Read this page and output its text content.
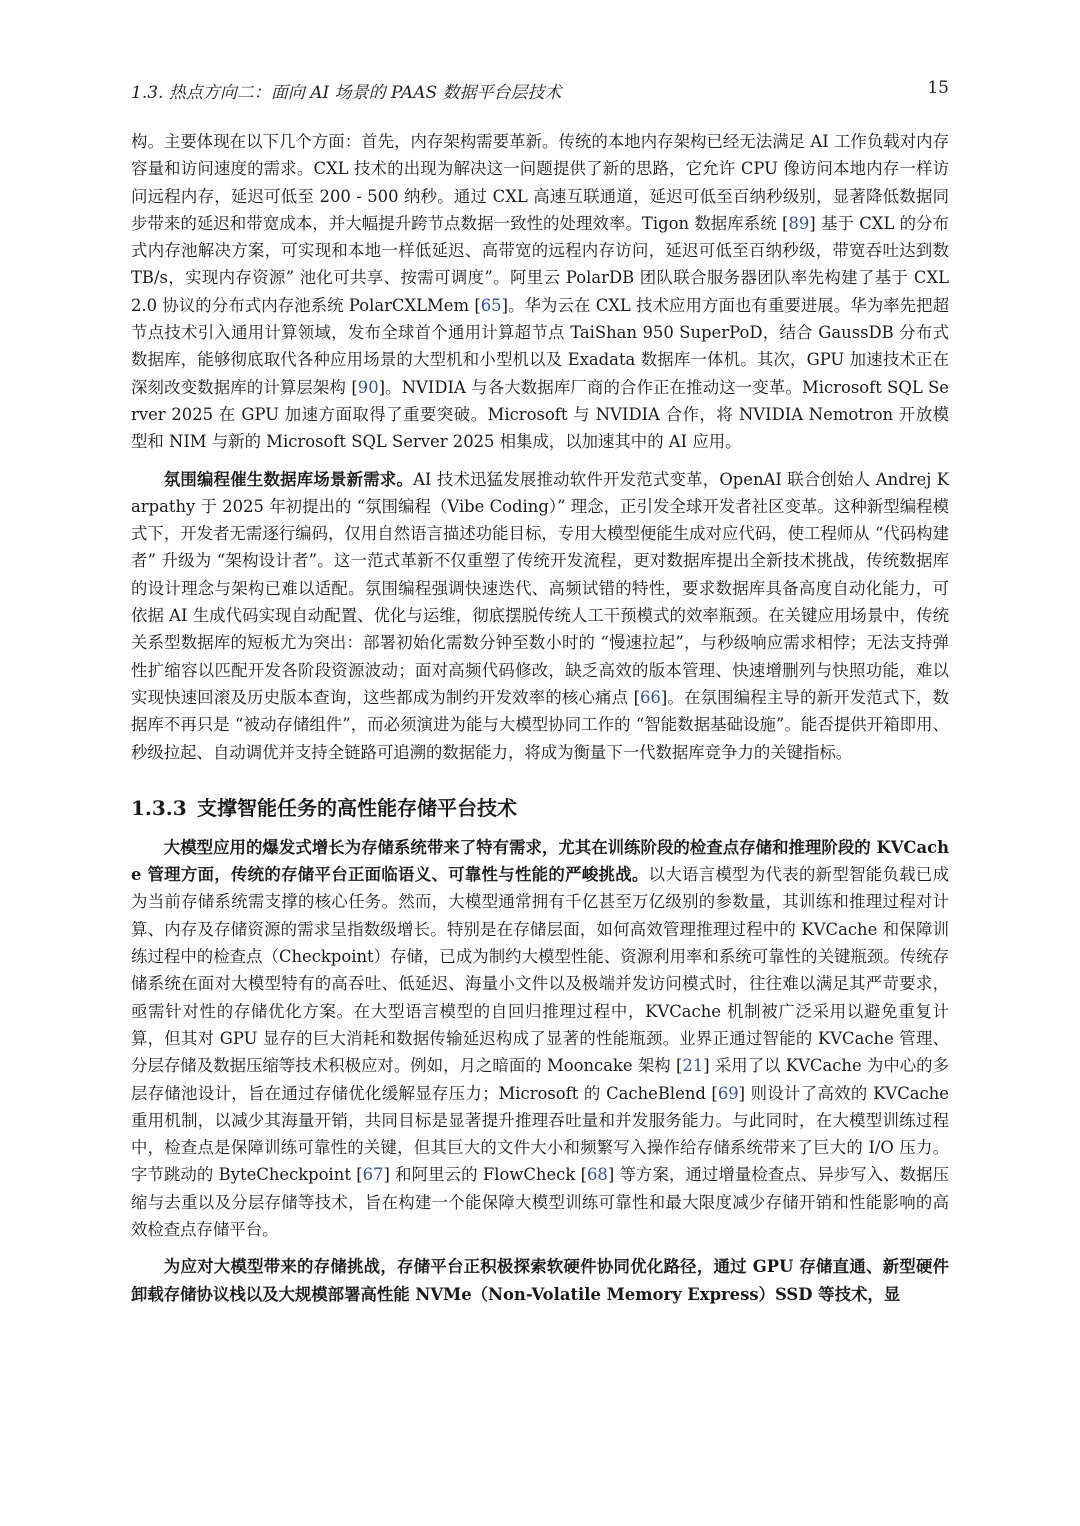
1.3. 热点方向二：面向 AI 场景的 PAAS 数据平台层技术	15

构。主要体现在以下几个方面：首先，内存架构需要革新。传统的本地内存架构已经无法满足 AI 工作负载对内存容量和访问速度的需求。CXL 技术的出现为解决这一问题提供了新的思路，它允许 CPU 像访问本地内存一样访问远程内存，延迟可低至 200 - 500 纳秒。通过 CXL 高速互联通道，延迟可低至百纳秒级别，显著降低数据同步带来的延迟和带宽成本，并大幅提升跨节点数据一致性的处理效率。Tigon 数据库系统 [89] 基于 CXL 的分布式内存池解决方案，可实现和本地一样低延迟、高带宽的远程内存访问，延迟可低至百纳秒级，带宽吞吐达到数 TB/s，实现内存资源” 池化可共享、按需可调度”。阿里云 PolarDB 团队联合服务器团队率先构建了基于 CXL 2.0 协议的分布式内存池系统 PolarCXLMem [65]。华为云在 CXL 技术应用方面也有重要进展。华为率先把超节点技术引入通用计算领域，发布全球首个通用计算超节点 TaiShan 950 SuperPoD，结合 GaussDB 分布式数据库，能够彻底取代各种应用场景的大型机和小型机以及 Exadata 数据库一体机。其次，GPU 加速技术正在深刻改变数据库的计算层架构 [90]。NVIDIA 与各大数据库厂商的合作正在推动这一变革。Microsoft SQL Server 2025 在 GPU 加速方面取得了重要突破。Microsoft 与 NVIDIA 合作，将 NVIDIA Nemotron 开放模型和 NIM 与新的 Microsoft SQL Server 2025 相集成，以加速其中的 AI 应用。

氛围编程催生数据库场景新需求。AI 技术迅猛发展推动软件开发范式变革，OpenAI 联合创始人 Andrej Karpathy 于 2025 年初提出的 “氛围编程（Vibe Coding）” 理念，正引发全球开发者社区变革。这种新型编程模式下，开发者无需逐行编码，仅用自然语言描述功能目标，专用大模型便能生成对应代码，使工程师从 “代码构建者” 升级为 “架构设计者”。这一范式革新不仅重塑了传统开发流程，更对数据库提出全新技术挑战，传统数据库的设计理念与架构已难以适配。氛围编程强调快速迭代、高频试错的特性，要求数据库具备高度自动化能力，可依据 AI 生成代码实现自动配置、优化与运维，彻底摆脱传统人工干预模式的效率瓶颈。在关键应用场景中，传统关系型数据库的短板尤为突出：部署初始化需数分钟至数小时的 “慢速拉起”，与秒级响应需求相悖；无法支持弹性扩缩容以匹配开发各阶段资源波动；面对高频代码修改，缺乏高效的版本管理、快速增删列与快照功能，难以实现快速回滚及历史版本查询，这些都成为制约开发效率的核心痛点 [66]。在氛围编程主导的新开发范式下，数据库不再只是 “被动存储组件”，而必须演进为能与大模型协同工作的 “智能数据基础设施”。能否提供开箱即用、秒级拉起、自动调优并支持全链路可追溯的数据能力，将成为衡量下一代数据库竞争力的关键指标。

1.3.3 支撑智能任务的高性能存储平台技术

大模型应用的爆发式增长为存储系统带来了特有需求，尤其在训练阶段的检查点存储和推理阶段的 KVCache 管理方面，传统的存储平台正面临语义、可靠性与性能的严峻挑战。以大语言模型为代表的新型智能负载已成为当前存储系统需支撑的核心任务。然而，大模型通常拥有千亿甚至万亿级别的参数量，其训练和推理过程对计算、内存及存储资源的需求呈指数级增长。特别是在存储层面，如何高效管理推理过程中的 KVCache 和保障训练过程中的检查点（Checkpoint）存储，已成为制约大模型性能、资源利用率和系统可靠性的关键瓶颈。传统存储系统在面对大模型特有的高吞吐、低延迟、海量小文件以及极端并发访问模式时，往往难以满足其严苛要求，亟需针对性的存储优化方案。在大型语言模型的自回归推理过程中，KVCache 机制被广泛采用以避免重复计算，但其对 GPU 显存的巨大消耗和数据传输延迟构成了显著的性能瓶颈。业界正通过智能的 KVCache 管理、分层存储及数据压缩等技术积极应对。例如，月之暗面的 Mooncake 架构 [21] 采用了以 KVCache 为中心的多层存储池设计，旨在通过存储优化缓解显存压力；Microsoft 的 CacheBlend [69] 则设计了高效的 KVCache 重用机制，以减少其海量开销，共同目标是显著提升推理吞吐量和并发服务能力。与此同时，在大模型训练过程中，检查点是保障训练可靠性的关键，但其巨大的文件大小和频繁写入操作给存储系统带来了巨大的 I/O 压力。字节跳动的 ByteCheckpoint [67] 和阿里云的 FlowCheck [68] 等方案，通过增量检查点、异步写入、数据压缩与去重以及分层存储等技术，旨在构建一个能保障大模型训练可靠性和最大限度减少存储开销和性能影响的高效检查点存储平台。

为应对大模型带来的存储挑战，存储平台正积极探索软硬件协同优化路径，通过 GPU 存储直通、新型硬件卸载存储协议栈以及大规模部署高性能 NVMe（Non-Volatile Memory Express）SSD 等技术，显
